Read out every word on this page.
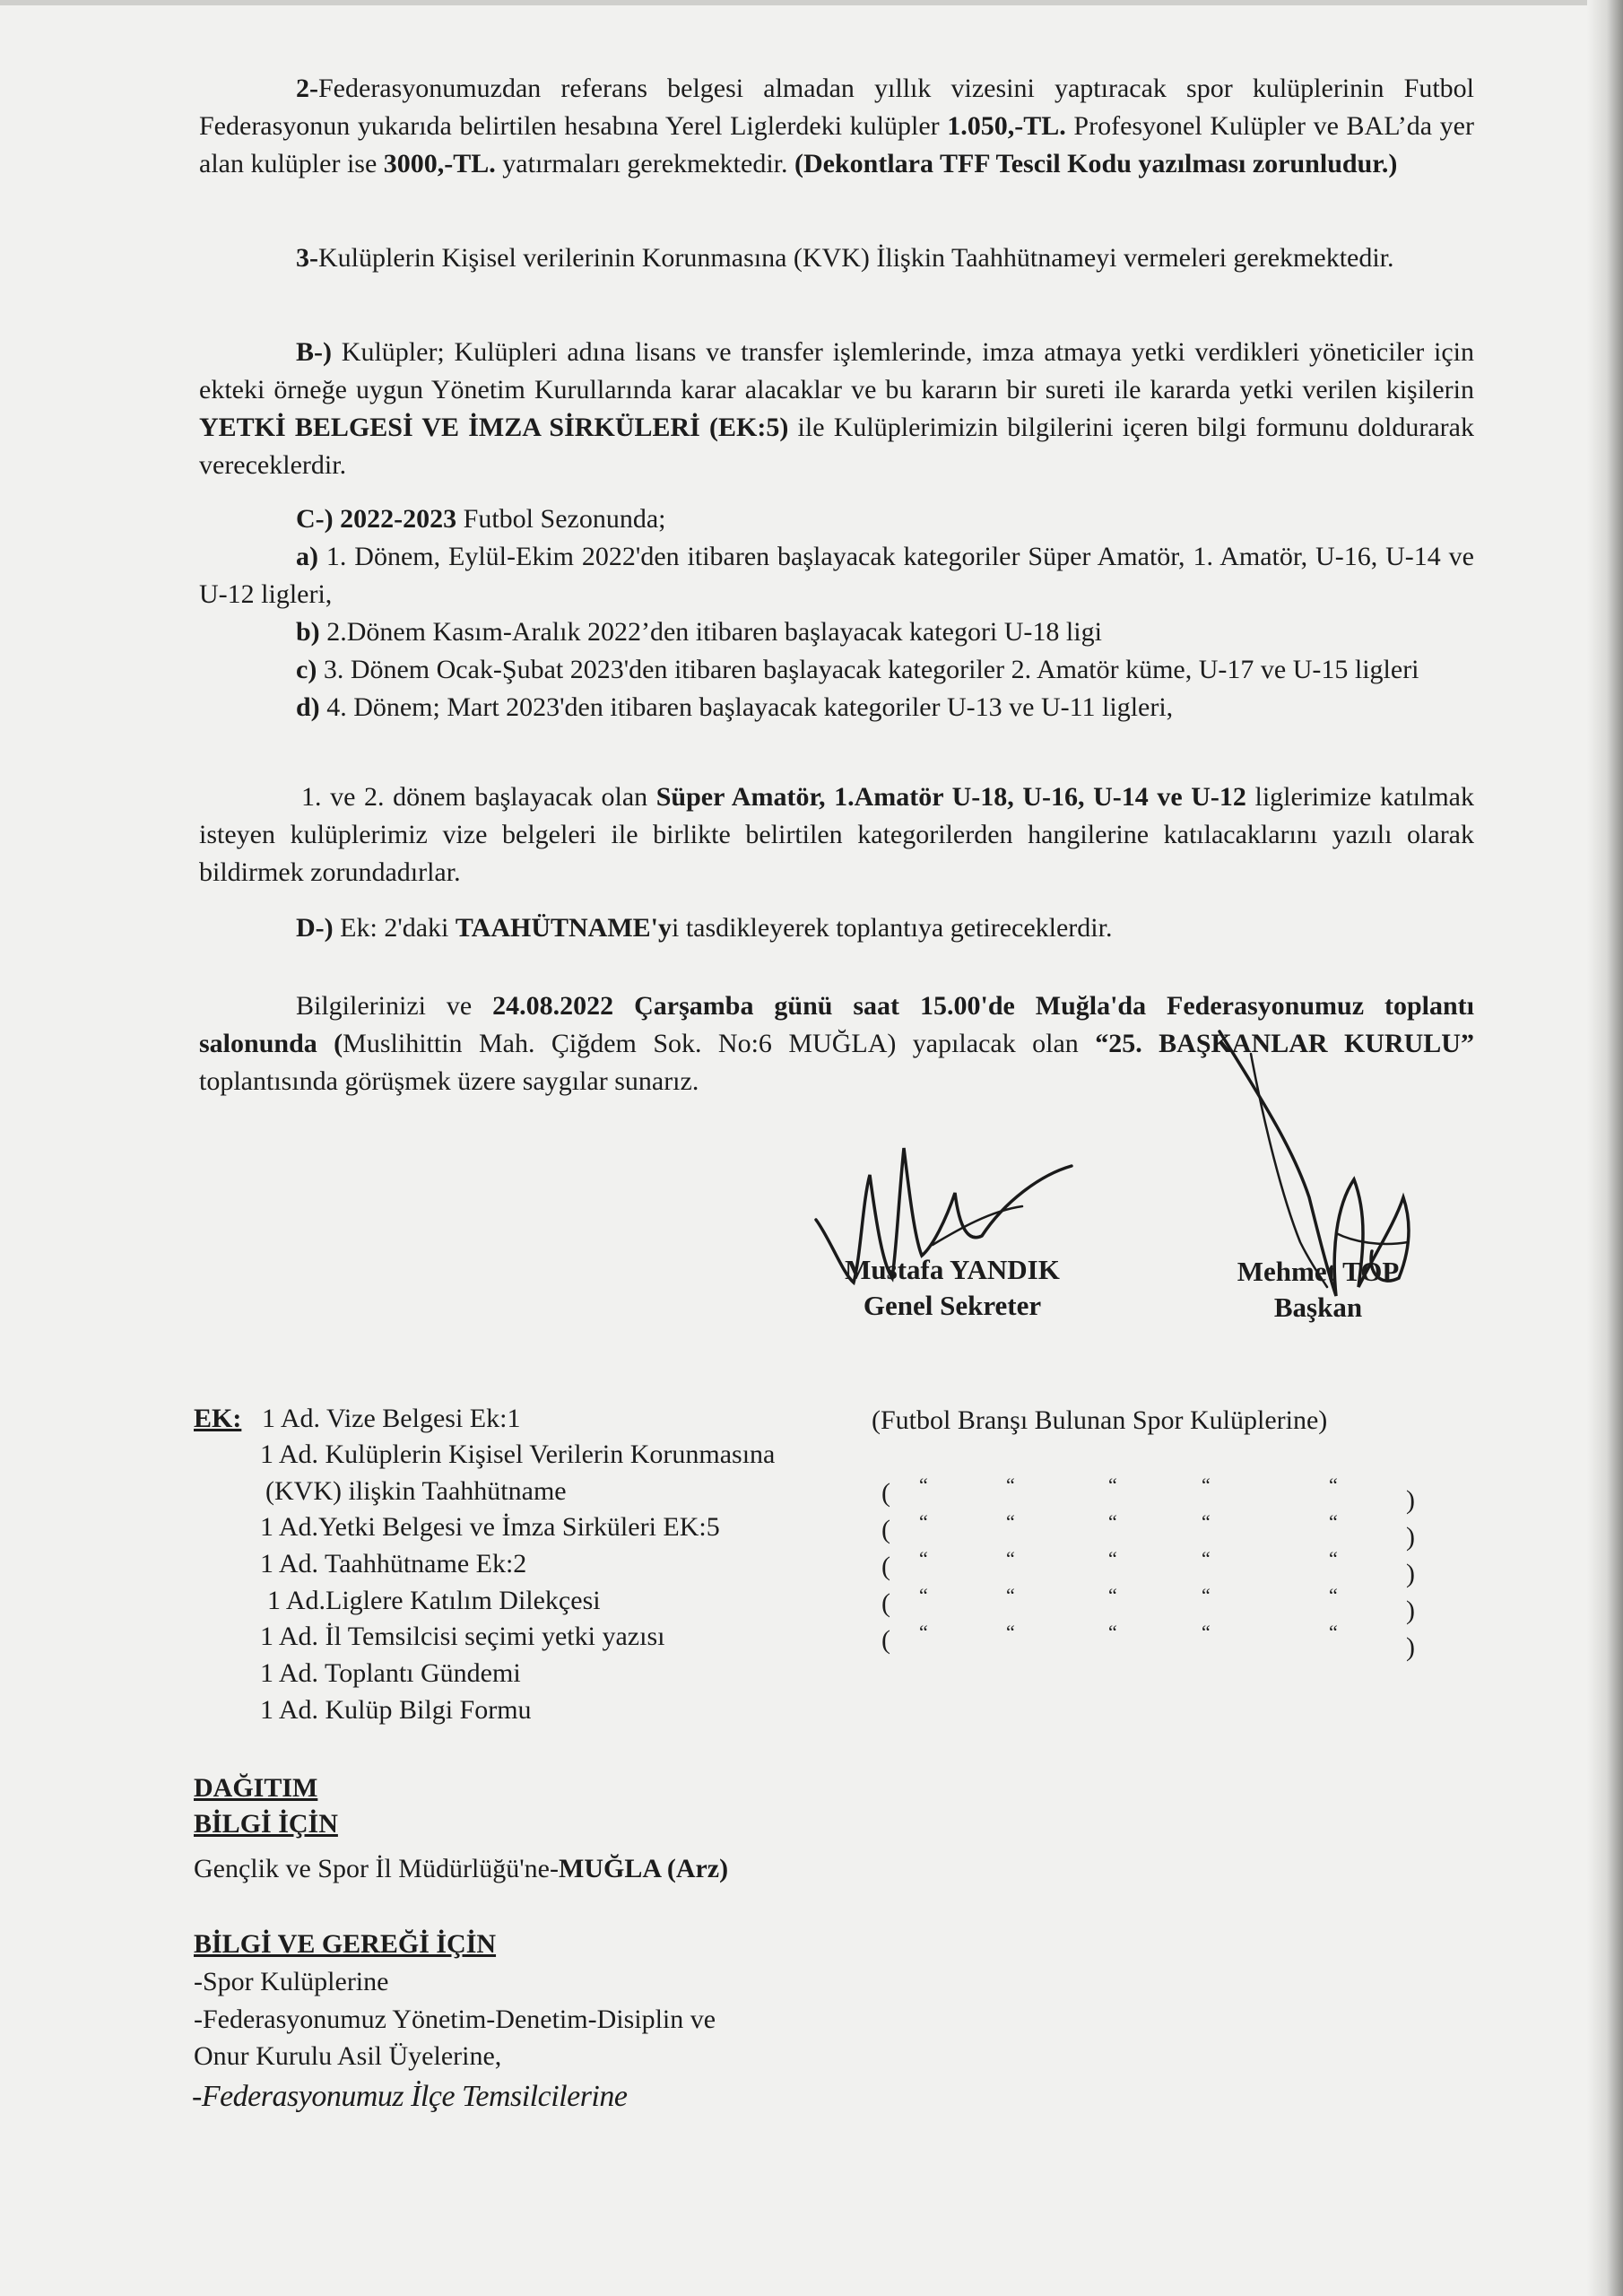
2-Federasyonumuzdan referans belgesi almadan yıllık vizesini yaptıracak spor kulüplerinin Futbol Federasyonun yukarıda belirtilen hesabına Yerel Liglerdeki kulüpler 1.050,-TL. Profesyonel Kulüpler ve BAL’da yer alan kulüpler ise 3000,-TL. yatırmaları gerekmektedir. (Dekontlara TFF Tescil Kodu yazılması zorunludur.)
3-Kulüplerin Kişisel verilerinin Korunmasına (KVK) İlişkin Taahhütnameyi vermeleri gerekmektedir.
B-) Kulüpler; Kulüpleri adına lisans ve transfer işlemlerinde, imza atmaya yetki verdikleri yöneticiler için ekteki örneğe uygun Yönetim Kurullarında karar alacaklar ve bu kararın bir sureti ile kararda yetki verilen kişilerin YETKİ BELGESİ VE İMZA SİRKÜLERİ (EK:5) ile Kulüplerimizin bilgilerini içeren bilgi formunu doldurarak vereceklerdir.
C-) 2022-2023 Futbol Sezonunda;
a) 1. Dönem, Eylül-Ekim 2022'den itibaren başlayacak kategoriler Süper Amatör, 1. Amatör, U-16, U-14 ve U-12 ligleri,
b) 2.Dönem Kasım-Aralık 2022’den itibaren başlayacak kategori U-18 ligi
c) 3. Dönem Ocak-Şubat 2023'den itibaren başlayacak kategoriler 2. Amatör küme, U-17 ve U-15 ligleri
d) 4. Dönem; Mart 2023'den itibaren başlayacak kategoriler U-13 ve U-11 ligleri,
1. ve 2. dönem başlayacak olan Süper Amatör, 1.Amatör U-18, U-16, U-14 ve U-12 liglerimize katılmak isteyen kulüplerimiz vize belgeleri ile birlikte belirtilen kategorilerden hangilerine katılacaklarını yazılı olarak bildirmek zorundadırlar.
D-) Ek: 2'daki TAAHÜTNAME'yi tasdikleyerek toplantıya getireceklerdir.
Bilgilerinizi ve 24.08.2022 Çarşamba günü saat 15.00'de Muğla'da Federasyonumuz toplantı salonunda (Muslihittin Mah. Çiğdem Sok. No:6 MUĞLA) yapılacak olan “25. BAŞKANLAR KURULU” toplantısında görüşmek üzere saygılar sunarız.
Mustafa YANDIK
Genel Sekreter
Mehmet TOP
Başkan
EK: 1 Ad. Vize Belgesi Ek:1
1 Ad. Kulüplerin Kişisel Verilerin Korunmasına
(KVK) ilişkin Taahhütname
1 Ad.Yetki Belgesi ve İmza Sirküleri EK:5
1 Ad. Taahhütname Ek:2
1 Ad.Liglere Katılım Dilekçesi
1 Ad. İl Temsilcisi seçimi yetki yazısı
1 Ad. Toplantı Gündemi
1 Ad. Kulüp Bilgi Formu
(Futbol Branşı Bulunan Spor Kulüplerine)
( “	“	“	“	“
)
( “	“	“	“	“
)
( “	“	“	“	“
)
( “	“	“	“	“
)
( “	“	“	“	“
)
DAĞITIM
BİLGİ İÇİN
Gençlik ve Spor İl Müdürlüğü'ne-MUĞLA (Arz)
BİLGİ VE GEREĞİ İÇİN
-Spor Kulüplerine
-Federasyonumuz Yönetim-Denetim-Disiplin ve
Onur Kurulu Asil Üyelerine,
-Federasyonumuz İlçe Temsilcilerine
